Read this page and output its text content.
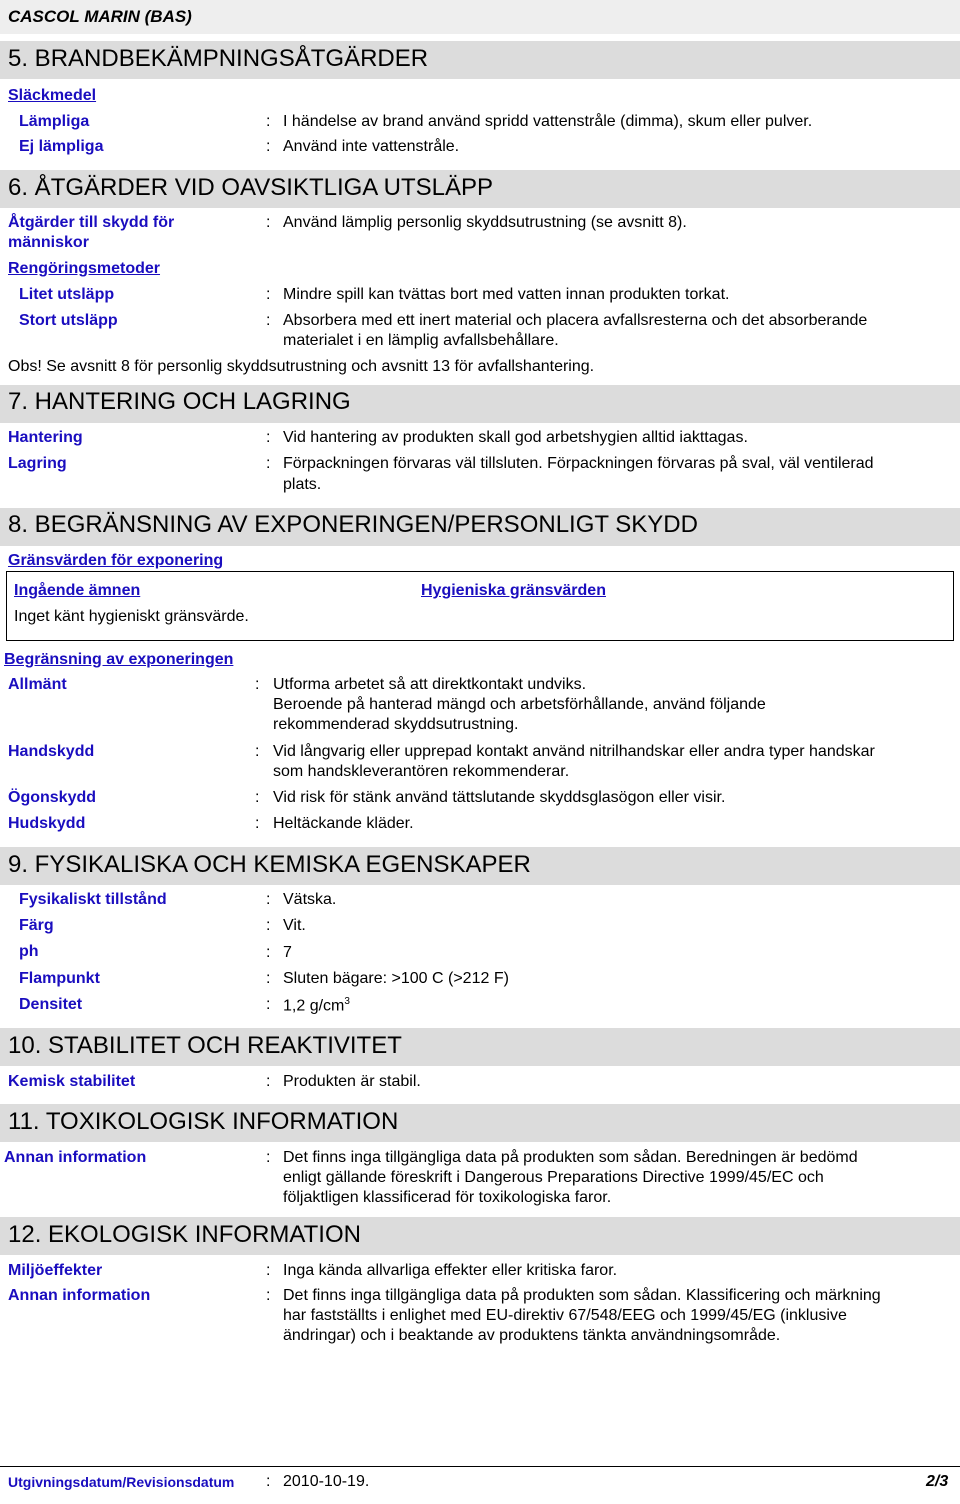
CASCOL MARIN (BAS)
5. BRANDBEKÄMPNINGSÅTGÄRDER
Släckmedel
Lämpliga	: I händelse av brand använd spridd vattenstråle (dimma), skum eller pulver.
Ej lämpliga	: Använd inte vattenstråle.
6. ÅTGÄRDER VID OAVSIKTLIGA UTSLÄPP
Åtgärder till skydd för
människor
: Använd lämplig personlig skyddsutrustning (se avsnitt 8).
Rengöringsmetoder
Litet utsläpp	: Mindre spill kan tvättas bort med vatten innan produkten torkat.
Stort utsläpp	: Absorbera med ett inert material och placera avfallsresterna och det absorberande
materialet i en lämplig avfallsbehållare.
Obs! Se avsnitt 8 för personlig skyddsutrustning och avsnitt 13 för avfallshantering.
7. HANTERING OCH LAGRING
Hantering	: Vid hantering av produkten skall god arbetshygien alltid iakttagas.
Lagring	: Förpackningen förvaras väl tillsluten. Förpackningen förvaras på sval, väl ventilerad
plats.
8. BEGRÄNSNING AV EXPONERINGEN/PERSONLIGT SKYDD
Gränsvärden för exponering
Ingående ämnen	Hygieniska gränsvärden
Inget känt hygieniskt gränsvärde.
Begränsning av exponeringen
Allmänt	: Utforma arbetet så att direktkontakt undviks.
Beroende på hanterad mängd och arbetsförhållande, använd följande
rekommenderad skyddsutrustning.
Handskydd	: Vid långvarig eller upprepad kontakt använd nitrilhandskar eller andra typer handskar
som handskleverantören rekommenderar.
Ögonskydd	: Vid risk för stänk använd tättslutande skyddsglasögon eller visir.
Hudskydd	: Heltäckande kläder.
9. FYSIKALISKA OCH KEMISKA EGENSKAPER
Fysikaliskt tillstånd	: Vätska.
Färg	: Vit.
ph	: 7
Flampunkt	: Sluten bägare: >100 C (>212 F)
Densitet	: 1,2 $g/cm^3$
10. STABILITET OCH REAKTIVITET
Kemisk stabilitet	: Produkten är stabil.
11. TOXIKOLOGISK INFORMATION
Annan information	: Det finns inga tillgängliga data på produkten som sådan. Beredningen är bedömd
enligt gällande föreskrift i Dangerous Preparations Directive 1999/45/EC och
följaktligen klassificerad för toxikologiska faror.
12. EKOLOGISK INFORMATION
Miljöeffekter	: Inga kända allvarliga effekter eller kritiska faror.
Annan information	: Det finns inga tillgängliga data på produkten som sådan. Klassificering och märkning
har fastställts i enlighet med EU-direktiv 67/548/EEG och 1999/45/EG (inklusive
ändringar) och i beaktande av produktens tänkta användningsområde.
Utgivningsdatum/Revisionsdatum : 2010-10-19.	2/3
